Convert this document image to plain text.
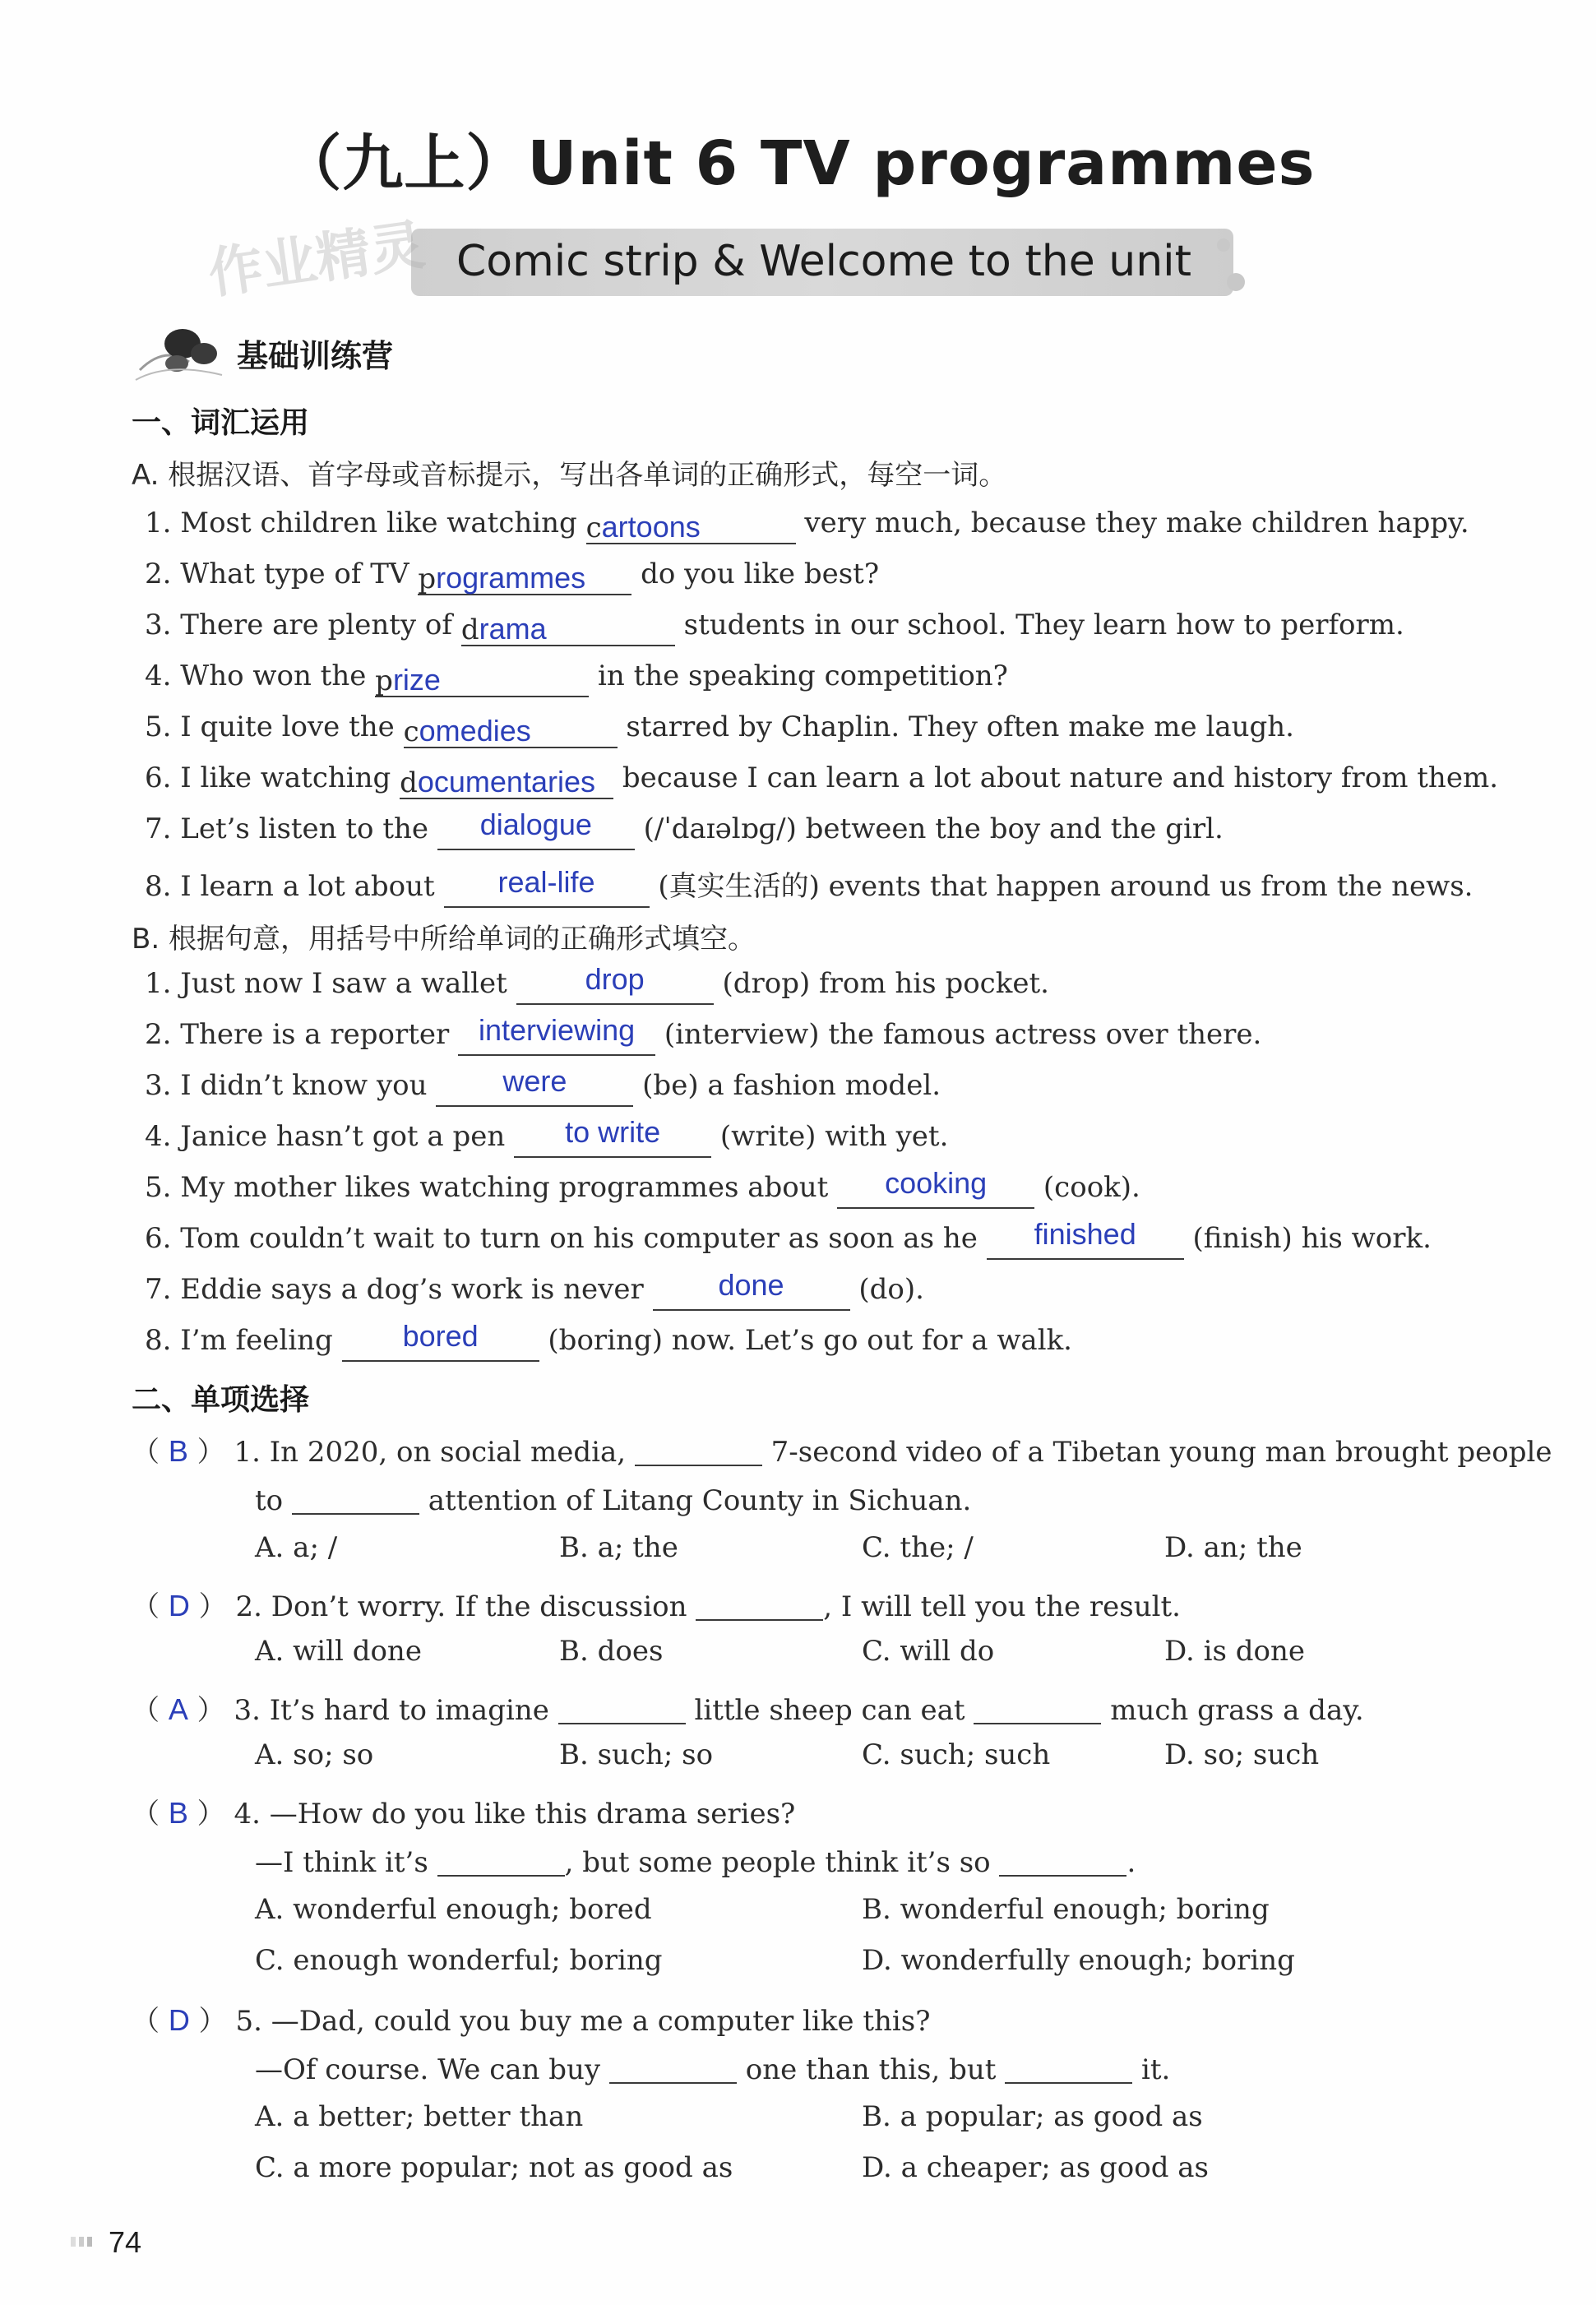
（九上）Unit 6 TV programmes
作业精灵 Comic strip & Welcome to the unit
基础训练营
一、词汇运用
A. 根据汉语、首字母或音标提示，写出各单词的正确形式，每空一词。
1. Most children like watching cartoons	very much, because they make children happy.
2. What type of TV programmes do you like best?
3. There are plenty of drama	students in our school. They learn how to perform.
4. Who won the prize	in the speaking competition?
5. I quite love the comedies	starred by Chaplin. They often make me laugh.
6. I like watching documentaries because I can learn a lot about nature and history from them.
7. Let’s listen to the dialogue (/ˈdaɪəlɒɡ/) between the boy and the girl.
8. I learn a lot about real-life (真实生活的) events that happen around us from the news.
B. 根据句意，用括号中所给单词的正确形式填空。
1. Just now I saw a wallet	drop	(drop) from his pocket.
2. There is a reporter interviewing (interview) the famous actress over there.
3. I didn’t know you	were	(be) a fashion model.
4. Janice hasn’t got a pen to write (write) with yet.
5. My mother likes watching programmes about cooking (cook).
6. Tom couldn’t wait to turn on his computer as soon as he finished (finish) his work.
7. Eddie says a dog’s work is never	done	(do).
8. I’m feeling bored (boring) now. Let’s go out for a walk.
二、单项选择
（ B ） 1. In 2020, on social media,	7-second video of a Tibetan young man brought people
to	attention of Litang County in Sichuan.
A. a; /	B. a; the	C. the; /	D. an; the
（ D ） 2. Don’t worry. If the discussion	, I will tell you the result.
A. will done	B. does	C. will do	D. is done
（ A ） 3. It’s hard to imagine	little sheep can eat	much grass a day.
A. so; so	B. such; so	C. such; such	D. so; such
（ B ） 4. —How do you like this drama series?
—I think it’s	, but some people think it’s so	.
A. wonderful enough; bored	B. wonderful enough; boring
C. enough wonderful; boring	D. wonderfully enough; boring
（ D ） 5. —Dad, could you buy me a computer like this?
—Of course. We can buy	one than this, but	it.
A. a better; better than	B. a popular; as good as
C. a more popular; not as good as	D. a cheaper; as good as
74
